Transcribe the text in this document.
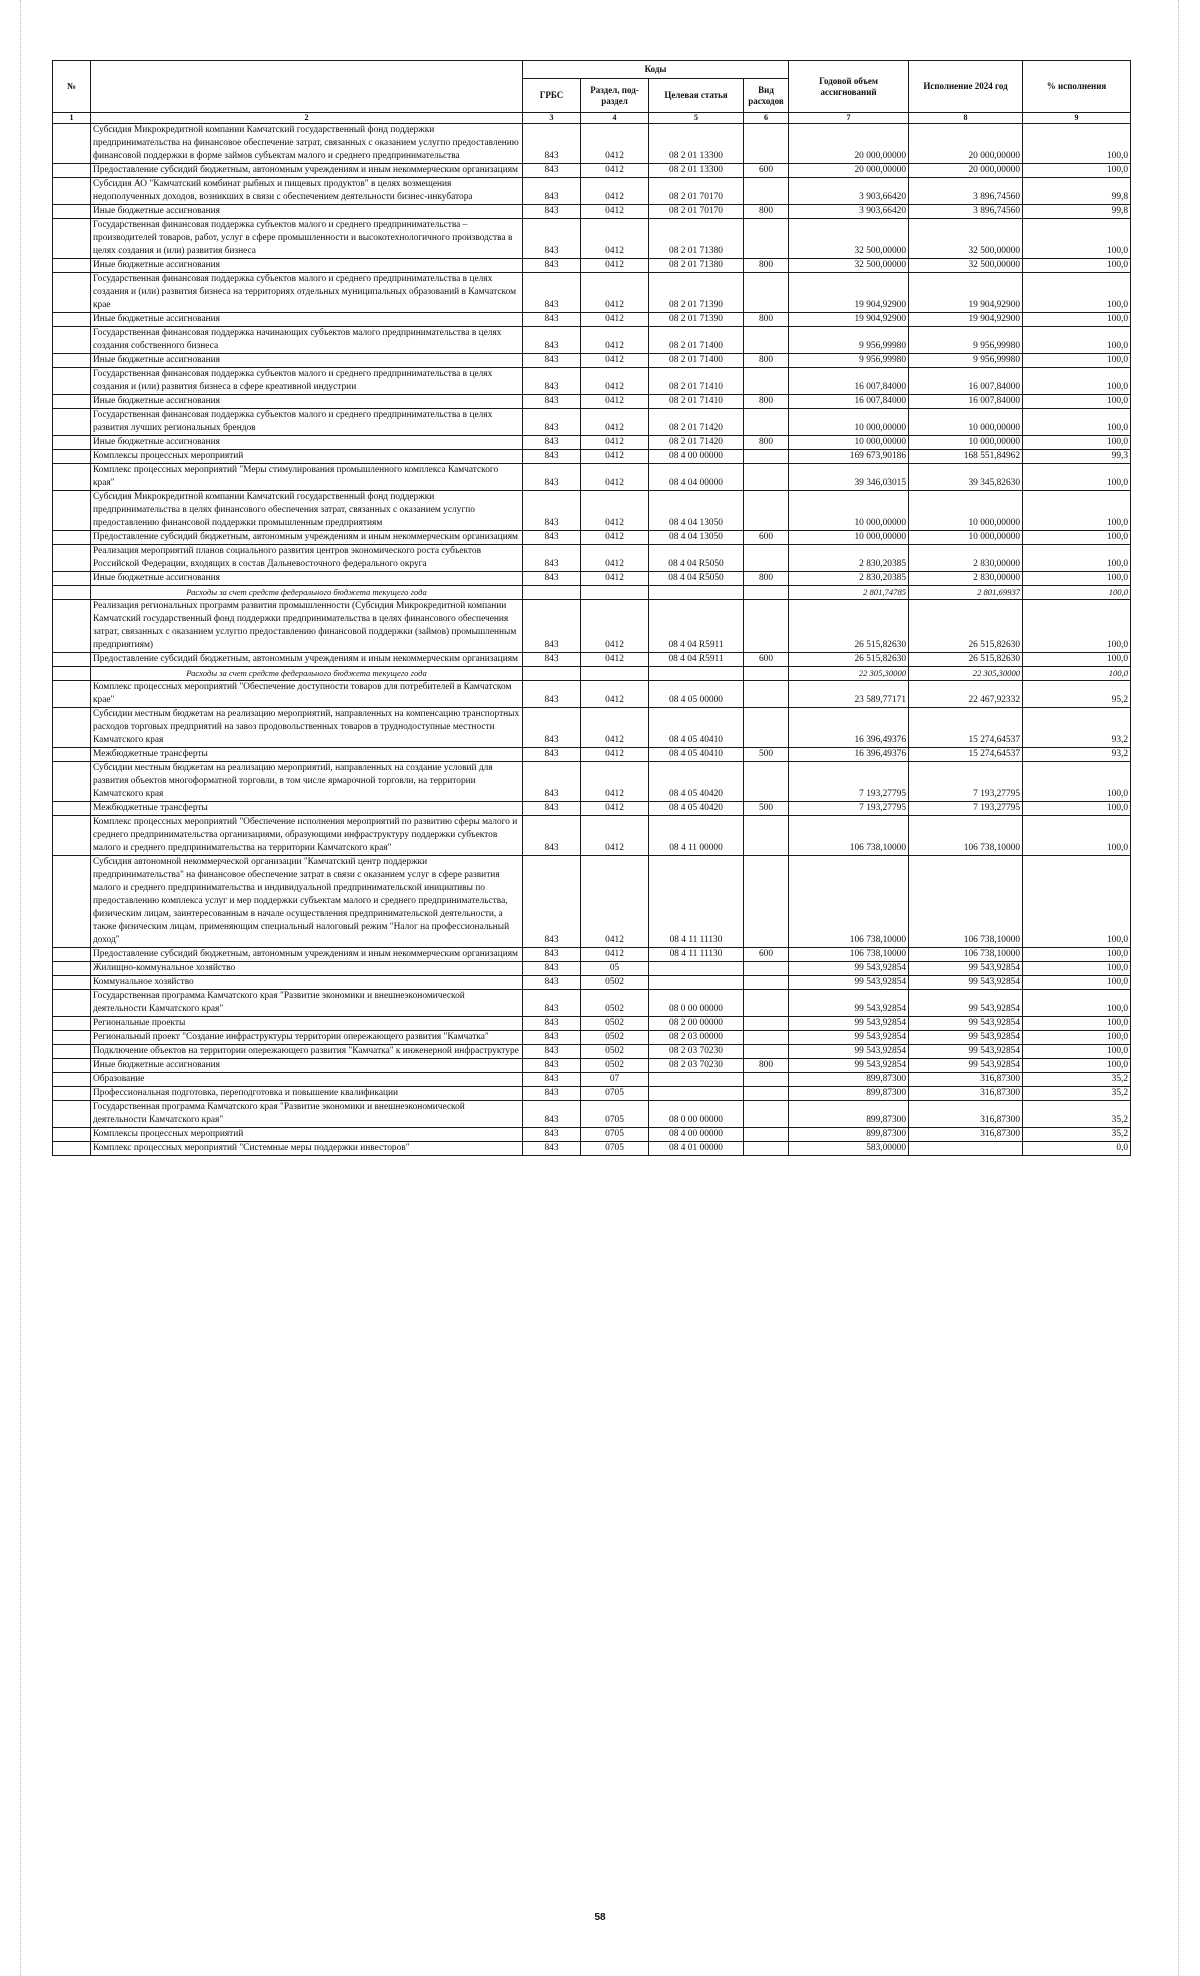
№		Коды				Годовой объем ассигнований	Исполнение 2024 год	% исполнения
		ГРБС	Раздел, под-раздел	Целевая статья	Вид расходов			
1	2	3	4	5	6	7	8	9
	Субсидия Микрокредитной компании Камчатский государственный фонд поддержки предпринимательства на финансовое обеспечение затрат, связанных с оказанием услугпо предоставлению финансовой поддержки в форме займов субъектам малого и среднего предпринимательства	843	0412	08 2 01 13300		20 000,00000	20 000,00000	100,0
	Предоставление субсидий бюджетным, автономным учреждениям и иным некоммерческим организациям	843	0412	08 2 01 13300	600	20 000,00000	20 000,00000	100,0
	Субсидия АО "Камчатский комбинат рыбных и пищевых продуктов" в целях возмещения недополученных доходов, возникших в связи с обеспечением деятельности бизнес-инкубатора	843	0412	08 2 01 70170		3 903,66420	3 896,74560	99,8
	Иные бюджетные ассигнования	843	0412	08 2 01 70170	800	3 903,66420	3 896,74560	99,8
	Государственная финансовая поддержка субъектов малого и среднего предпринимательства – производителей товаров, работ, услуг в сфере промышленности и высокотехнологичного производства в целях создания и (или) развития бизнеса	843	0412	08 2 01 71380		32 500,00000	32 500,00000	100,0
	Иные бюджетные ассигнования	843	0412	08 2 01 71380	800	32 500,00000	32 500,00000	100,0
	Государственная финансовая поддержка субъектов малого и среднего предпринимательства в целях создания и (или) развития бизнеса на территориях отдельных муниципальных образований в Камчатском крае	843	0412	08 2 01 71390		19 904,92900	19 904,92900	100,0
	Иные бюджетные ассигнования	843	0412	08 2 01 71390	800	19 904,92900	19 904,92900	100,0
	Государственная финансовая поддержка начинающих субъектов малого предпринимательства в целях создания собственного бизнеса	843	0412	08 2 01 71400		9 956,99980	9 956,99980	100,0
	Иные бюджетные ассигнования	843	0412	08 2 01 71400	800	9 956,99980	9 956,99980	100,0
	Государственная финансовая поддержка субъектов малого и среднего предпринимательства в целях создания и (или) развития бизнеса в сфере креативной индустрии	843	0412	08 2 01 71410		16 007,84000	16 007,84000	100,0
	Иные бюджетные ассигнования	843	0412	08 2 01 71410	800	16 007,84000	16 007,84000	100,0
	Государственная финансовая поддержка субъектов малого и среднего предпринимательства в целях развития лучших региональных брендов	843	0412	08 2 01 71420		10 000,00000	10 000,00000	100,0
	Иные бюджетные ассигнования	843	0412	08 2 01 71420	800	10 000,00000	10 000,00000	100,0
	Комплексы процессных мероприятий	843	0412	08 4 00 00000		169 673,90186	168 551,84962	99,3
	Комплекс процессных мероприятий "Меры стимулирования промышленного комплекса Камчатского края"	843	0412	08 4 04 00000		39 346,03015	39 345,82630	100,0
	Субсидия Микрокредитной компании Камчатский государственный фонд поддержки предпринимательства в целях финансового обеспечения затрат, связанных с оказанием услугпо предоставлению финансовой поддержки промышленным предприятиям	843	0412	08 4 04 13050		10 000,00000	10 000,00000	100,0
	Предоставление субсидий бюджетным, автономным учреждениям и иным некоммерческим организациям	843	0412	08 4 04 13050	600	10 000,00000	10 000,00000	100,0
	Реализация мероприятий планов социального развития центров экономического роста субъектов Российской Федерации, входящих в состав Дальневосточного федерального округа	843	0412	08 4 04 R5050		2 830,20385	2 830,00000	100,0
	Иные бюджетные ассигнования	843	0412	08 4 04 R5050	800	2 830,20385	2 830,00000	100,0
	Расходы за счет средств федерального бюджета текущего года					2 801,74785	2 801,69937	100,0
	Реализация региональных программ развития промышленности (Субсидия Микрокредитной компании Камчатский государственный фонд поддержки предпринимательства в целях финансового обеспечения затрат, связанных с оказанием услугпо предоставлению финансовой поддержки (займов) промышленным предприятиям)	843	0412	08 4 04 R5911		26 515,82630	26 515,82630	100,0
	Предоставление субсидий бюджетным, автономным учреждениям и иным некоммерческим организациям	843	0412	08 4 04 R5911	600	26 515,82630	26 515,82630	100,0
	Расходы за счет средств федерального бюджета текущего года					22 305,30000	22 305,30000	100,0
	Комплекс процессных мероприятий "Обеспечение доступности товаров для потребителей в Камчатском крае"	843	0412	08 4 05 00000		23 589,77171	22 467,92332	95,2
	Субсидии местным бюджетам на реализацию мероприятий, направленных на компенсацию транспортных расходов торговых предприятий на завоз продовольственных товаров в труднодоступные местности Камчатского края	843	0412	08 4 05 40410		16 396,49376	15 274,64537	93,2
	Межбюджетные трансферты	843	0412	08 4 05 40410	500	16 396,49376	15 274,64537	93,2
	Субсидии местным бюджетам на реализацию мероприятий, направленных на создание условий для развития объектов многоформатной торговли, в том числе ярмарочной торговли, на территории Камчатского края	843	0412	08 4 05 40420		7 193,27795	7 193,27795	100,0
	Межбюджетные трансферты	843	0412	08 4 05 40420	500	7 193,27795	7 193,27795	100,0
	Комплекс процессных мероприятий "Обеспечение исполнения мероприятий по развитию сферы малого и среднего предпринимательства организациями, образующими инфраструктуру поддержки субъектов малого и среднего предпринимательства на территории Камчатского края"	843	0412	08 4 11 00000		106 738,10000	106 738,10000	100,0
	Субсидия автономной некоммерческой организации "Камчатский центр поддержки предпринимательства" на финансовое обеспечение затрат в связи с оказанием услуг в сфере развития малого и среднего предпринимательства и индивидуальной предпринимательской инициативы по предоставлению комплекса услуг и мер поддержки субъектам малого и среднего предпринимательства, физическим лицам, заинтересованным в начале осуществления предпринимательской деятельности, а также физическим лицам, применяющим специальный налоговый режим "Налог на профессиональный доход"	843	0412	08 4 11 11130		106 738,10000	106 738,10000	100,0
	Предоставление субсидий бюджетным, автономным учреждениям и иным некоммерческим организациям	843	0412	08 4 11 11130	600	106 738,10000	106 738,10000	100,0
	Жилищно-коммунальное хозяйство	843	05			99 543,92854	99 543,92854	100,0
	Коммунальное хозяйство	843	0502			99 543,92854	99 543,92854	100,0
	Государственная программа Камчатского края "Развитие экономики и внешнеэкономической деятельности Камчатского края"	843	0502	08 0 00 00000		99 543,92854	99 543,92854	100,0
	Региональные проекты	843	0502	08 2 00 00000		99 543,92854	99 543,92854	100,0
	Региональный проект "Создание инфраструктуры территории опережающего развития "Камчатка"	843	0502	08 2 03 00000		99 543,92854	99 543,92854	100,0
	Подключение объектов на территории опережающего развития "Камчатка" к инженерной инфраструктуре	843	0502	08 2 03 70230		99 543,92854	99 543,92854	100,0
	Иные бюджетные ассигнования	843	0502	08 2 03 70230	800	99 543,92854	99 543,92854	100,0
	Образование	843	07			899,87300	316,87300	35,2
	Профессиональная подготовка, переподготовка и повышение квалификации	843	0705			899,87300	316,87300	35,2
	Государственная программа Камчатского края "Развитие экономики и внешнеэкономической деятельности Камчатского края"	843	0705	08 0 00 00000		899,87300	316,87300	35,2
	Комплексы процессных мероприятий	843	0705	08 4 00 00000		899,87300	316,87300	35,2
	Комплекс процессных мероприятий "Системные меры поддержки инвесторов"	843	0705	08 4 01 00000		583,00000		0,0
58
